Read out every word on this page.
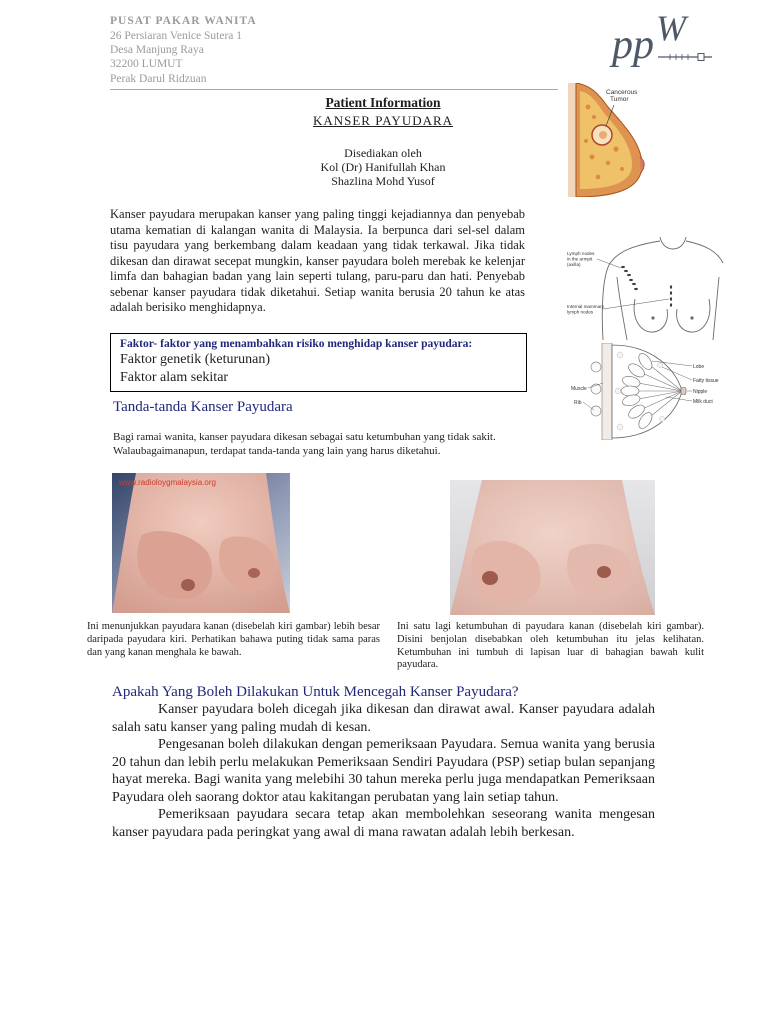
PUSAT PAKAR WANITA
26 Persiaran Venice Sutera 1
Desa Manjung Raya
32200 LUMUT
Perak Darul Ridzuan
pp W
Patient Information
KANSER PAYUDARA
Disediakan oleh
Kol (Dr) Hanifullah Khan
Shazlina Mohd Yusof

Kanser payudara merupakan kanser yang paling tinggi kejadiannya dan penyebab utama kematian di kalangan wanita di Malaysia. Ia berpunca dari sel-sel dalam tisu payudara yang berkembang dalam keadaan yang tidak terkawal. Jika tidak dikesan dan dirawat secepat mungkin, kanser payudara boleh merebak ke kelenjar limfa dan bahagian badan yang lain seperti tulang, paru-paru dan hati. Penyebab sebenar kanser payudara tidak diketahui. Setiap wanita berusia 20 tahun ke atas adalah berisiko menghidapnya.

Faktor- faktor yang menambahkan risiko menghidap kanser payudara:
Faktor genetik (keturunan)
Faktor alam sekitar
Cancerous
Tumor
Lymph nodes
in the armpit
(axilla)
Internal mammary
lymph nodes
Lobe
Fatty tissue
Nipple
Milk duct
Muscle
Rib
Tanda-tanda Kanser Payudara

Bagi ramai wanita, kanser payudara dikesan sebagai satu ketumbuhan yang tidak sakit. Walaubagaimanapun, terdapat tanda-tanda yang lain yang harus diketahui.

www.radioloygmalaysia.org

Ini menunjukkan payudara kanan (disebelah kiri gambar) lebih besar daripada payudara kiri. Perhatikan bahawa puting tidak sama paras dan yang kanan menghala ke bawah.

Ini satu lagi ketumbuhan di payudara kanan (disebelah kiri gambar). Disini benjolan disebabkan oleh ketumbuhan itu jelas kelihatan. Ketumbuhan ini tumbuh di lapisan luar di bahagian bawah kulit payudara.

Apakah Yang Boleh Dilakukan Untuk Mencegah Kanser Payudara?

Kanser payudara boleh dicegah jika dikesan dan dirawat awal. Kanser payudara adalah salah satu kanser yang paling mudah di kesan.

Pengesanan boleh dilakukan dengan pemeriksaan Payudara. Semua wanita yang berusia 20 tahun dan lebih perlu melakukan Pemeriksaan Sendiri Payudara (PSP) setiap bulan sepanjang hayat mereka. Bagi wanita yang melebihi 30 tahun mereka perlu juga mendapatkan Pemeriksaan Payudara oleh saorang doktor atau kakitangan perubatan yang lain setiap tahun.

Pemeriksaan payudara secara tetap akan membolehkan seseorang wanita mengesan kanser payudara pada peringkat yang awal di mana rawatan adalah lebih berkesan.
